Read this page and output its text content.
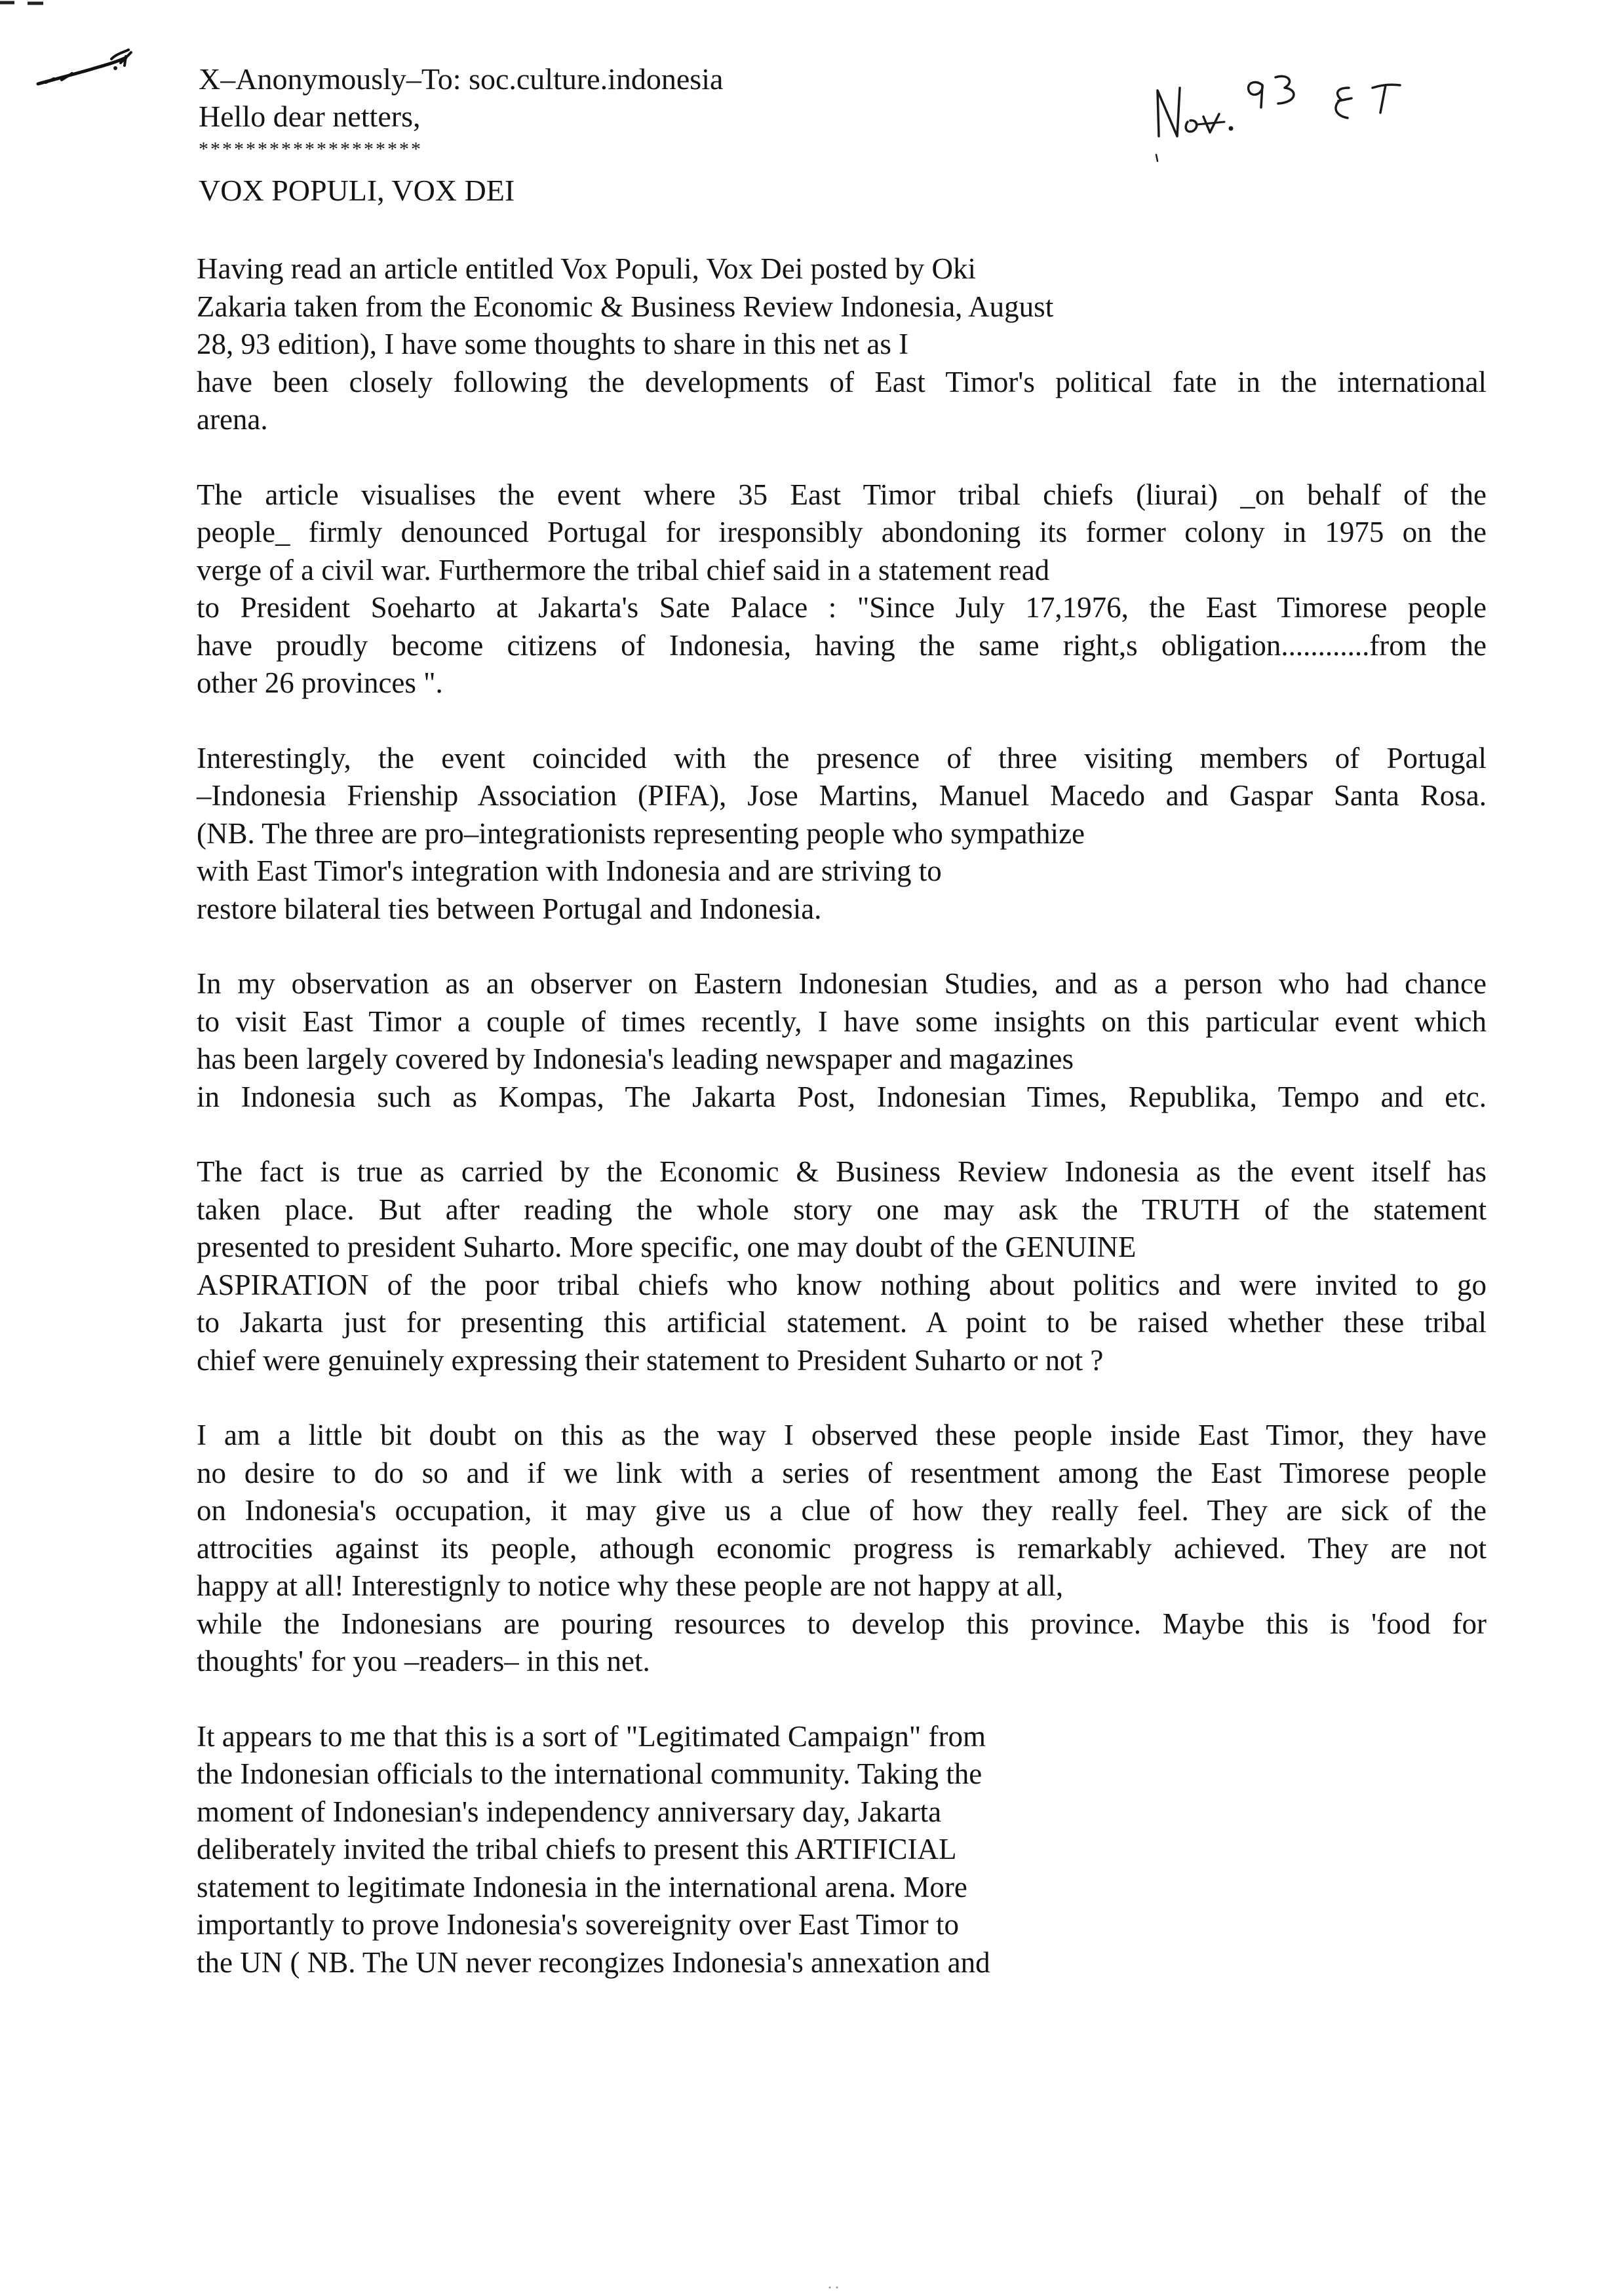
X–Anonymously–To: soc.culture.indonesia
Hello dear netters,
*******************
VOX POPULI, VOX DEI

Having read an article entitled Vox Populi, Vox Dei posted by Oki
Zakaria taken from the Economic & Business Review Indonesia, August
28, 93 edition), I have some thoughts to share in this net as I
have been closely following the developments of East Timor's political fate in the international
arena.

The article visualises the event where 35 East Timor tribal chiefs (liurai) _on behalf of the
people_ firmly denounced Portugal for iresponsibly abondoning its former colony in 1975 on the
verge of a civil war. Furthermore the tribal chief said in a statement read
to President Soeharto at Jakarta's Sate Palace : "Since July 17,1976, the East Timorese people
have proudly become citizens of Indonesia, having the same right,s obligation............from the
other 26 provinces ".

Interestingly, the event coincided with the presence of three visiting members of Portugal
–Indonesia Frienship Association (PIFA), Jose Martins, Manuel Macedo and Gaspar Santa Rosa.
(NB. The three are pro–integrationists representing people who sympathize
with East Timor's integration with Indonesia and are striving to
restore bilateral ties between Portugal and Indonesia.

In my observation as an observer on Eastern Indonesian Studies, and as a person who had chance
to visit East Timor a couple of times recently, I have some insights on this particular event which
has been largely covered by Indonesia's leading newspaper and magazines
in Indonesia such as Kompas, The Jakarta Post, Indonesian Times, Republika, Tempo and etc.

The fact is true as carried by the Economic & Business Review Indonesia as the event itself has
taken place. But after reading the whole story one may ask the TRUTH of the statement
presented to president Suharto. More specific, one may doubt of the GENUINE
ASPIRATION of the poor tribal chiefs who know nothing about politics and were invited to go
to Jakarta just for presenting this artificial statement. A point to be raised whether these tribal
chief were genuinely expressing their statement to President Suharto or not ?

I am a little bit doubt on this as the way I observed these people inside East Timor, they have
no desire to do so and if we link with a series of resentment among the East Timorese people
on Indonesia's occupation, it may give us a clue of how they really feel. They are sick of the
attrocities against its people, athough economic progress is remarkably achieved. They are not
happy at all! Interestignly to notice why these people are not happy at all,
while the Indonesians are pouring resources to develop this province. Maybe this is 'food for
thoughts' for you –readers– in this net.

It appears to me that this is a sort of "Legitimated Campaign" from
the Indonesian officials to the international community. Taking the
moment of Indonesian's independency anniversary day, Jakarta
deliberately invited the tribal chiefs to present this ARTIFICIAL
statement to legitimate Indonesia in the international arena. More
importantly to prove Indonesia's sovereignity over East Timor to
the UN ( NB. The UN never recongizes Indonesia's annexation and
